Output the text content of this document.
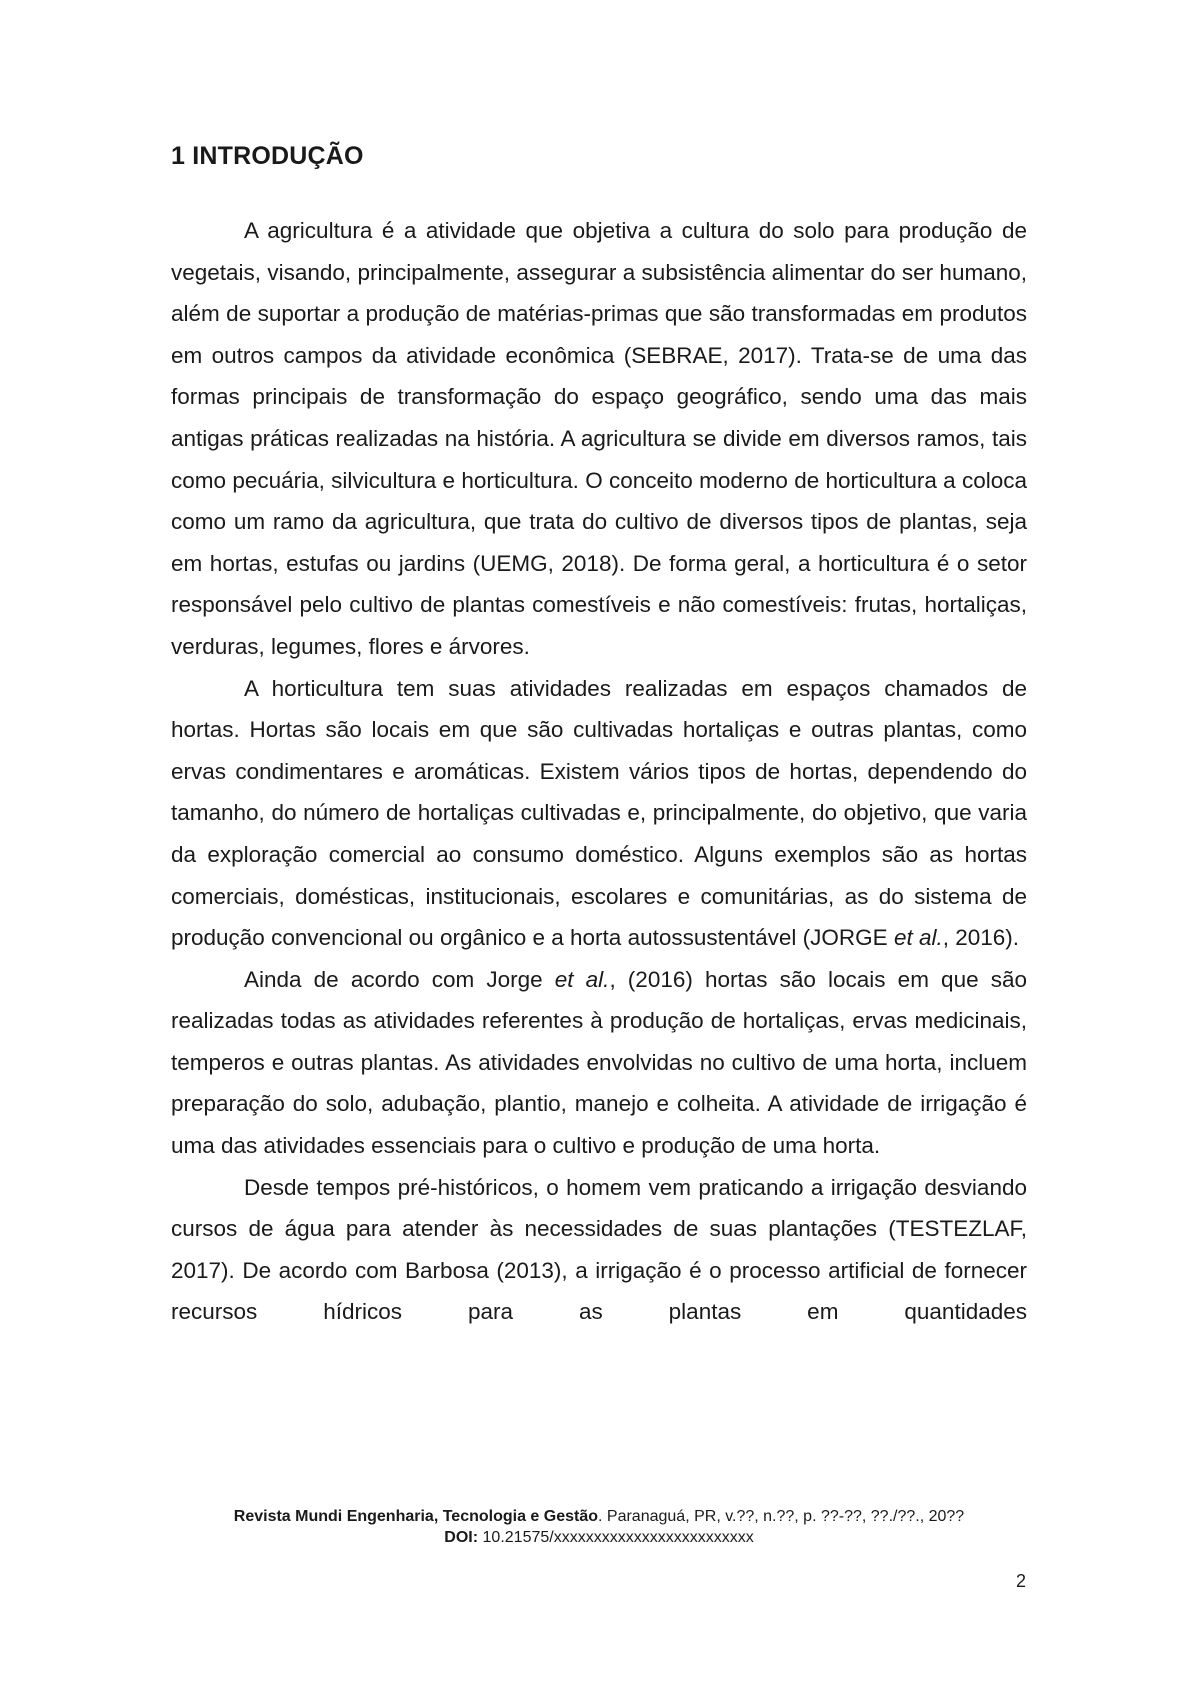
1 INTRODUÇÃO

A agricultura é a atividade que objetiva a cultura do solo para produção de vegetais, visando, principalmente, assegurar a subsistência alimentar do ser humano, além de suportar a produção de matérias-primas que são transformadas em produtos em outros campos da atividade econômica (SEBRAE, 2017). Trata-se de uma das formas principais de transformação do espaço geográfico, sendo uma das mais antigas práticas realizadas na história. A agricultura se divide em diversos ramos, tais como pecuária, silvicultura e horticultura. O conceito moderno de horticultura a coloca como um ramo da agricultura, que trata do cultivo de diversos tipos de plantas, seja em hortas, estufas ou jardins (UEMG, 2018). De forma geral, a horticultura é o setor responsável pelo cultivo de plantas comestíveis e não comestíveis: frutas, hortaliças, verduras, legumes, flores e árvores.

A horticultura tem suas atividades realizadas em espaços chamados de hortas. Hortas são locais em que são cultivadas hortaliças e outras plantas, como ervas condimentares e aromáticas. Existem vários tipos de hortas, dependendo do tamanho, do número de hortaliças cultivadas e, principalmente, do objetivo, que varia da exploração comercial ao consumo doméstico. Alguns exemplos são as hortas comerciais, domésticas, institucionais, escolares e comunitárias, as do sistema de produção convencional ou orgânico e a horta autossustentável (JORGE et al., 2016).

Ainda de acordo com Jorge et al., (2016) hortas são locais em que são realizadas todas as atividades referentes à produção de hortaliças, ervas medicinais, temperos e outras plantas. As atividades envolvidas no cultivo de uma horta, incluem preparação do solo, adubação, plantio, manejo e colheita. A atividade de irrigação é uma das atividades essenciais para o cultivo e produção de uma horta.

Desde tempos pré-históricos, o homem vem praticando a irrigação desviando cursos de água para atender às necessidades de suas plantações (TESTEZLAF, 2017). De acordo com Barbosa (2013), a irrigação é o processo artificial de fornecer recursos hídricos para as plantas em quantidades

Revista Mundi Engenharia, Tecnologia e Gestão. Paranaguá, PR, v.??, n.??, p. ??-??, ??./??., 20??
DOI: 10.21575/xxxxxxxxxxxxxxxxxxxxxxxxx
2
